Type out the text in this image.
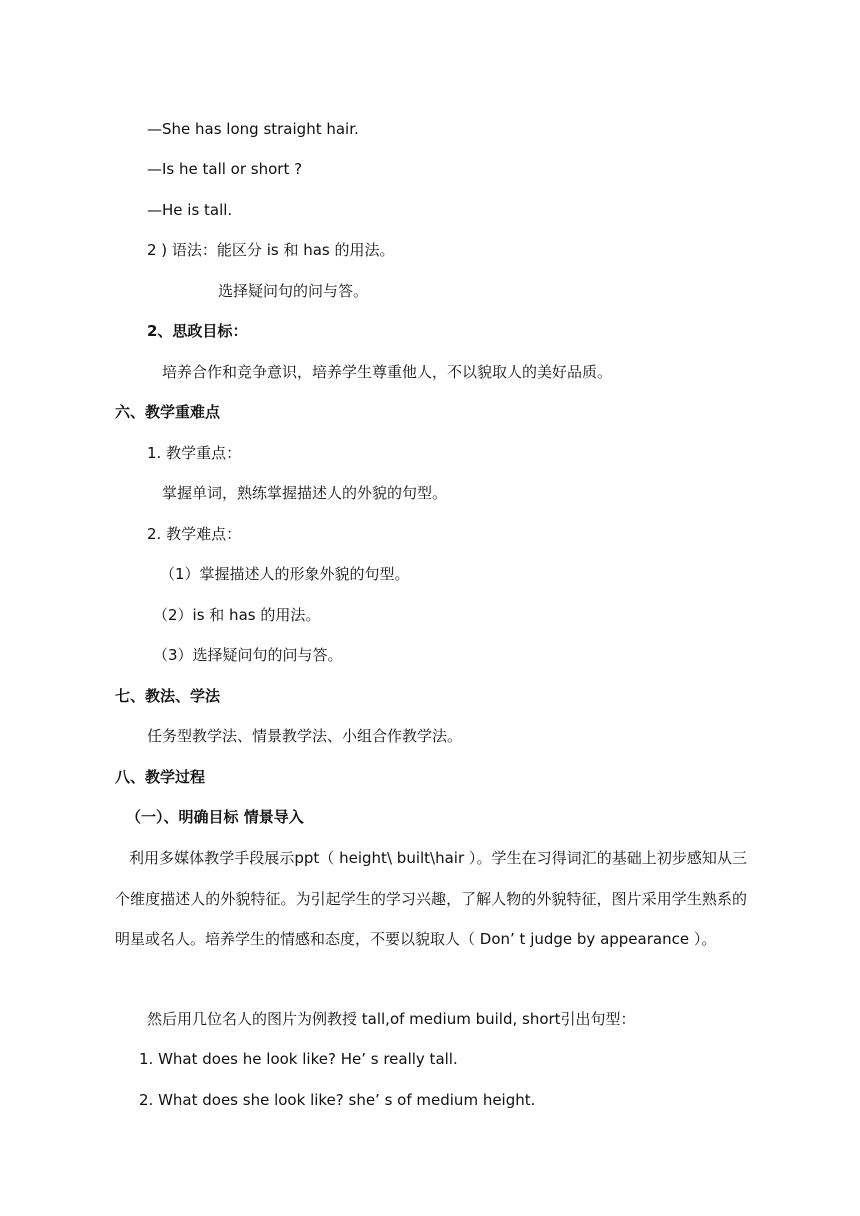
—She has long straight hair.
—Is he tall or short ?
—He is tall.
2 ) 语法：能区分 is 和 has 的用法。
选择疑问句的问与答。
2、思政目标：
培养合作和竞争意识，培养学生尊重他人，不以貌取人的美好品质。
六、教学重难点
1. 教学重点：
掌握单词，熟练掌握描述人的外貌的句型。
2. 教学难点：
（1）掌握描述人的形象外貌的句型。
（2）is 和 has 的用法。
（3）选择疑问句的问与答。
七、教法、学法
任务型教学法、情景教学法、小组合作教学法。
八、教学过程
（一）、明确目标 情景导入
利用多媒体教学手段展示ppt（ height\ built\hair ）。学生在习得词汇的基础上初步感知从三个维度描述人的外貌特征。为引起学生的学习兴趣，了解人物的外貌特征，图片采用学生熟系的明星或名人。培养学生的情感和态度，不要以貌取人（ Don’ t judge by appearance ）。
然后用几位名人的图片为例教授 tall,of medium build, short引出句型：
1. What does he look like? He’ s really tall.
2. What does she look like? she’ s of medium height.
